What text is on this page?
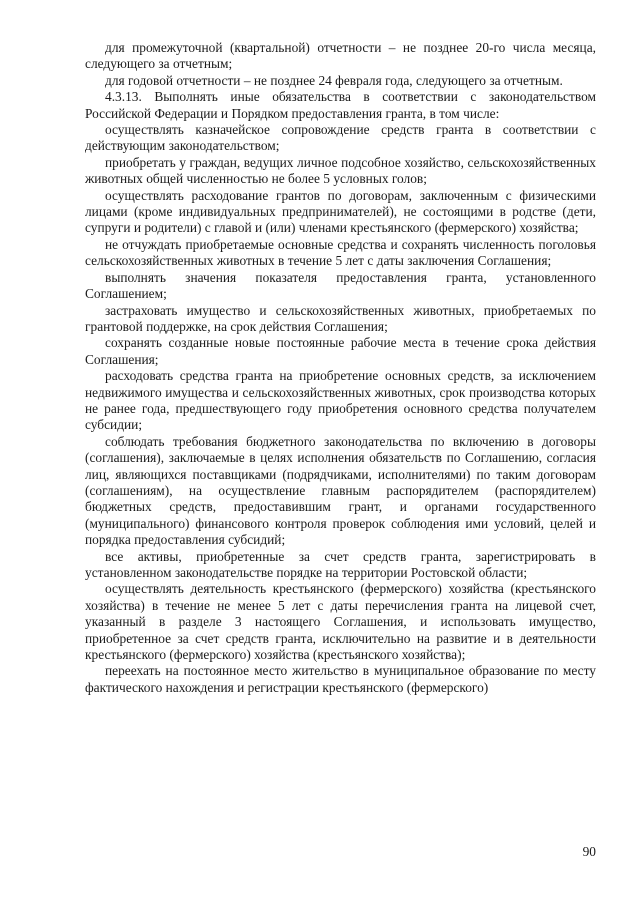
для промежуточной (квартальной) отчетности – не позднее 20-го числа месяца, следующего за отчетным;

для годовой отчетности – не позднее 24 февраля года, следующего за отчетным.

4.3.13. Выполнять иные обязательства в соответствии с законодательством Российской Федерации и Порядком предоставления гранта, в том числе:

осуществлять казначейское сопровождение средств гранта в соответствии с действующим законодательством;

приобретать у граждан, ведущих личное подсобное хозяйство, сельскохозяйственных животных общей численностью не более 5 условных голов;

осуществлять расходование грантов по договорам, заключенным с физическими лицами (кроме индивидуальных предпринимателей), не состоящими в родстве (дети, супруги и родители) с главой и (или) членами крестьянского (фермерского) хозяйства;

не отчуждать приобретаемые основные средства и сохранять численность поголовья сельскохозяйственных животных в течение 5 лет с даты заключения Соглашения;

выполнять значения показателя предоставления гранта, установленного Соглашением;

застраховать имущество и сельскохозяйственных животных, приобретаемых по грантовой поддержке, на срок действия Соглашения;

сохранять созданные новые постоянные рабочие места в течение срока действия Соглашения;

расходовать средства гранта на приобретение основных средств, за исключением недвижимого имущества и сельскохозяйственных животных, срок производства которых не ранее года, предшествующего году приобретения основного средства получателем субсидии;

соблюдать требования бюджетного законодательства по включению в договоры (соглашения), заключаемые в целях исполнения обязательств по Соглашению, согласия лиц, являющихся поставщиками (подрядчиками, исполнителями) по таким договорам (соглашениям), на осуществление главным распорядителем (распорядителем) бюджетных средств, предоставившим грант, и органами государственного (муниципального) финансового контроля проверок соблюдения ими условий, целей и порядка предоставления субсидий;

все активы, приобретенные за счет средств гранта, зарегистрировать в установленном законодательстве порядке на территории Ростовской области;

осуществлять деятельность крестьянского (фермерского) хозяйства (крестьянского хозяйства) в течение не менее 5 лет с даты перечисления гранта на лицевой счет, указанный в разделе 3 настоящего Соглашения, и использовать имущество, приобретенное за счет средств гранта, исключительно на развитие и в деятельности крестьянского (фермерского) хозяйства (крестьянского хозяйства);

переехать на постоянное место жительство в муниципальное образование по месту фактического нахождения и регистрации крестьянского (фермерского)

90
